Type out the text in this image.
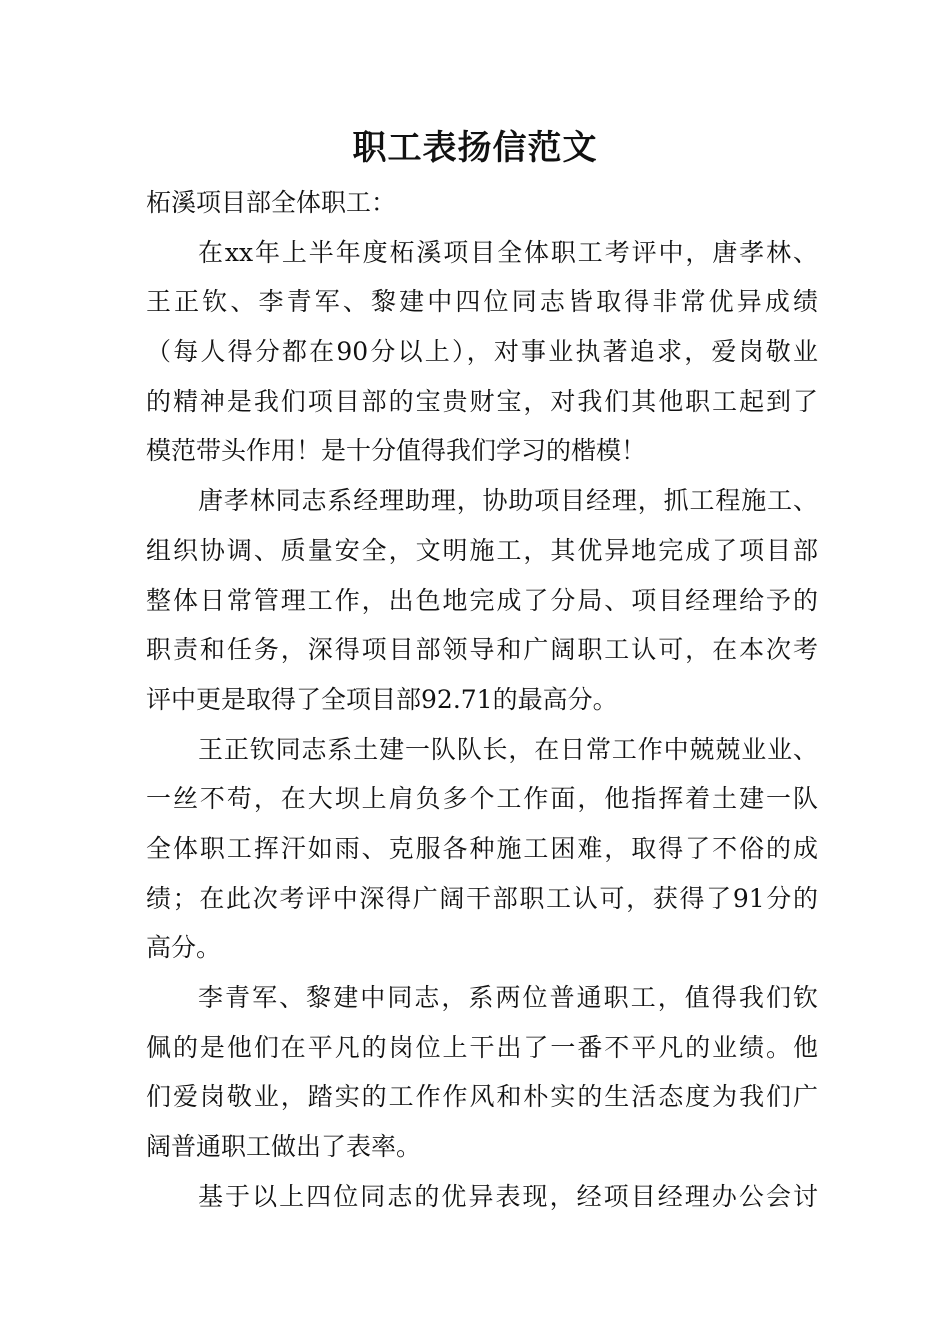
职工表扬信范文
柘溪项目部全体职工：
在xx年上半年度柘溪项目全体职工考评中，唐孝林、
王正钦、李青军、黎建中四位同志皆取得非常优异成绩
（每人得分都在90分以上），对事业执著追求，爱岗敬业
的精神是我们项目部的宝贵财宝，对我们其他职工起到了
模范带头作用！是十分值得我们学习的楷模！
唐孝林同志系经理助理，协助项目经理，抓工程施工、
组织协调、质量安全，文明施工，其优异地完成了项目部
整体日常管理工作，出色地完成了分局、项目经理给予的
职责和任务，深得项目部领导和广阔职工认可，在本次考
评中更是取得了全项目部92.71的最高分。
王正钦同志系土建一队队长，在日常工作中兢兢业业、
一丝不苟，在大坝上肩负多个工作面，他指挥着土建一队
全体职工挥汗如雨、克服各种施工困难，取得了不俗的成
绩；在此次考评中深得广阔干部职工认可，获得了91分的
高分。
李青军、黎建中同志，系两位普通职工，值得我们钦
佩的是他们在平凡的岗位上干出了一番不平凡的业绩。他
们爱岗敬业，踏实的工作作风和朴实的生活态度为我们广
阔普通职工做出了表率。
基于以上四位同志的优异表现，经项目经理办公会讨
